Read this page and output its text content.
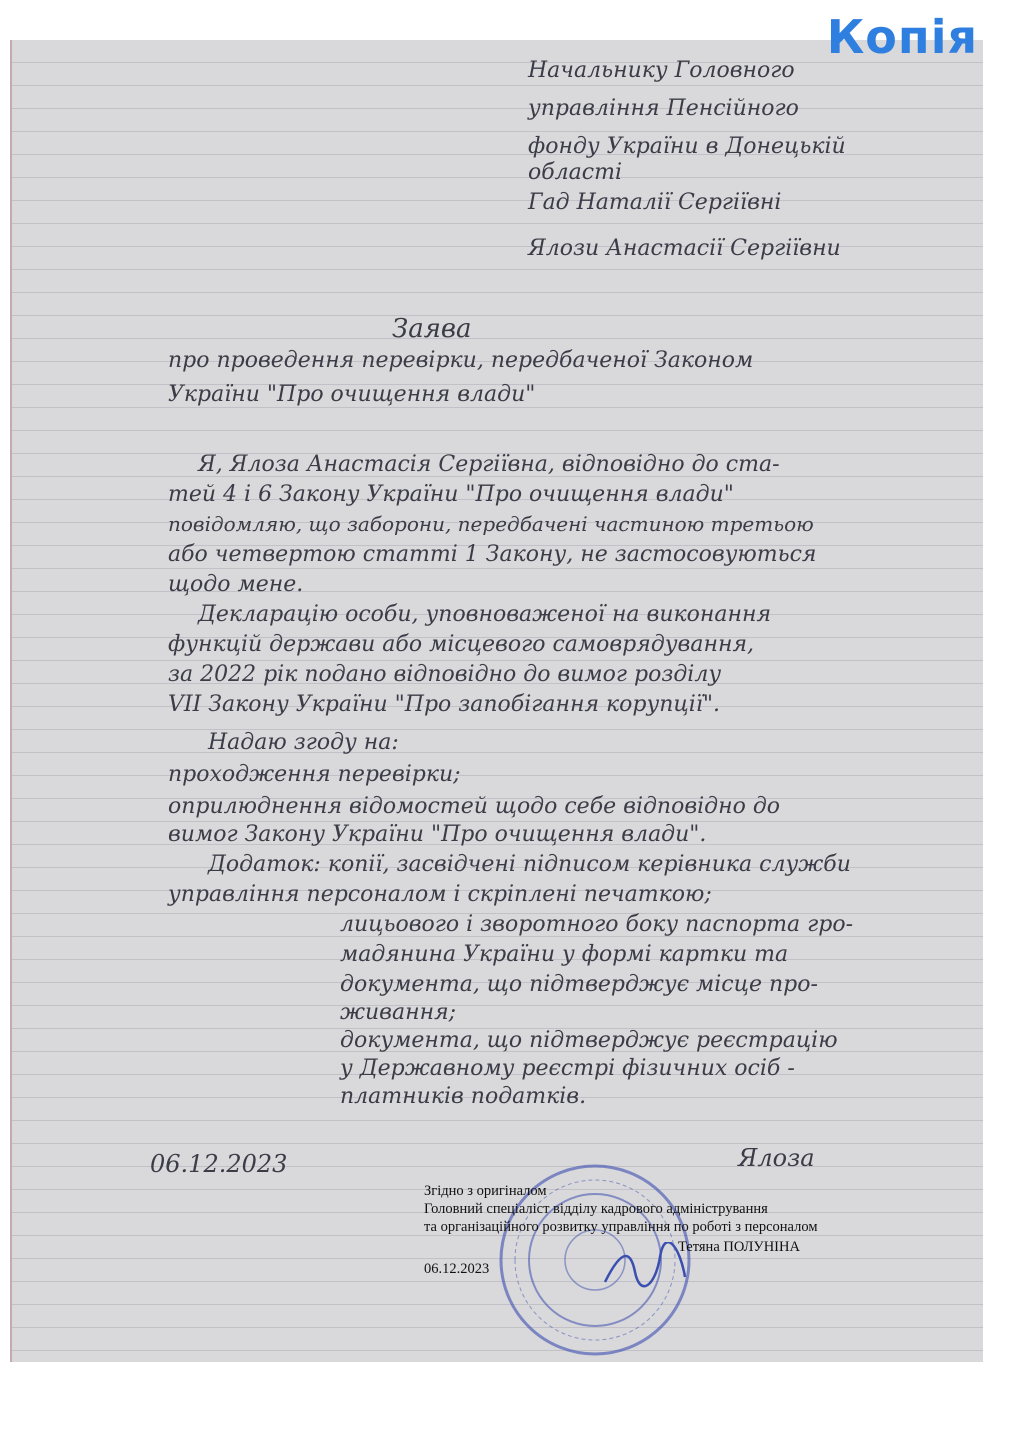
Копія
Начальнику Головного
управління Пенсійного
фонду України в Донецькій
області
Гад Наталії Сергіївні
Ялози Анастасії Сергіївни
Заява
про проведення перевірки, передбаченої Законом
України "Про очищення влади"
Я, Ялоза Анастасія Сергіївна, відповідно до ста-
тей 4 і 6 Закону України "Про очищення влади"
повідомляю, що заборони, передбачені частиною третьою
або четвертою статті 1 Закону, не застосовуються
щодо мене.
Декларацію особи, уповноваженої на виконання
функцій держави або місцевого самоврядування,
за 2022 рік подано відповідно до вимог розділу
VII Закону України "Про запобігання корупції".
Надаю згоду на:
проходження перевірки;
оприлюднення відомостей щодо себе відповідно до
вимог Закону України "Про очищення влади".
Додаток: копії, засвідчені підписом керівника служби
управління персоналом і скріплені печаткою;
лицьового і зворотного боку паспорта гро-
мадянина України у формі картки та
документа, що підтверджує місце про-
живання;
документа, що підтверджує реєстрацію
у Державному реєстрі фізичних осіб -
платників податків.
06.12.2023	Ялоза
Згідно з оригіналом
Головний спеціаліст відділу кадрового адміністрування
та організаційного розвитку управління по роботі з персоналом
Тетяна ПОЛУНІНА
06.12.2023
